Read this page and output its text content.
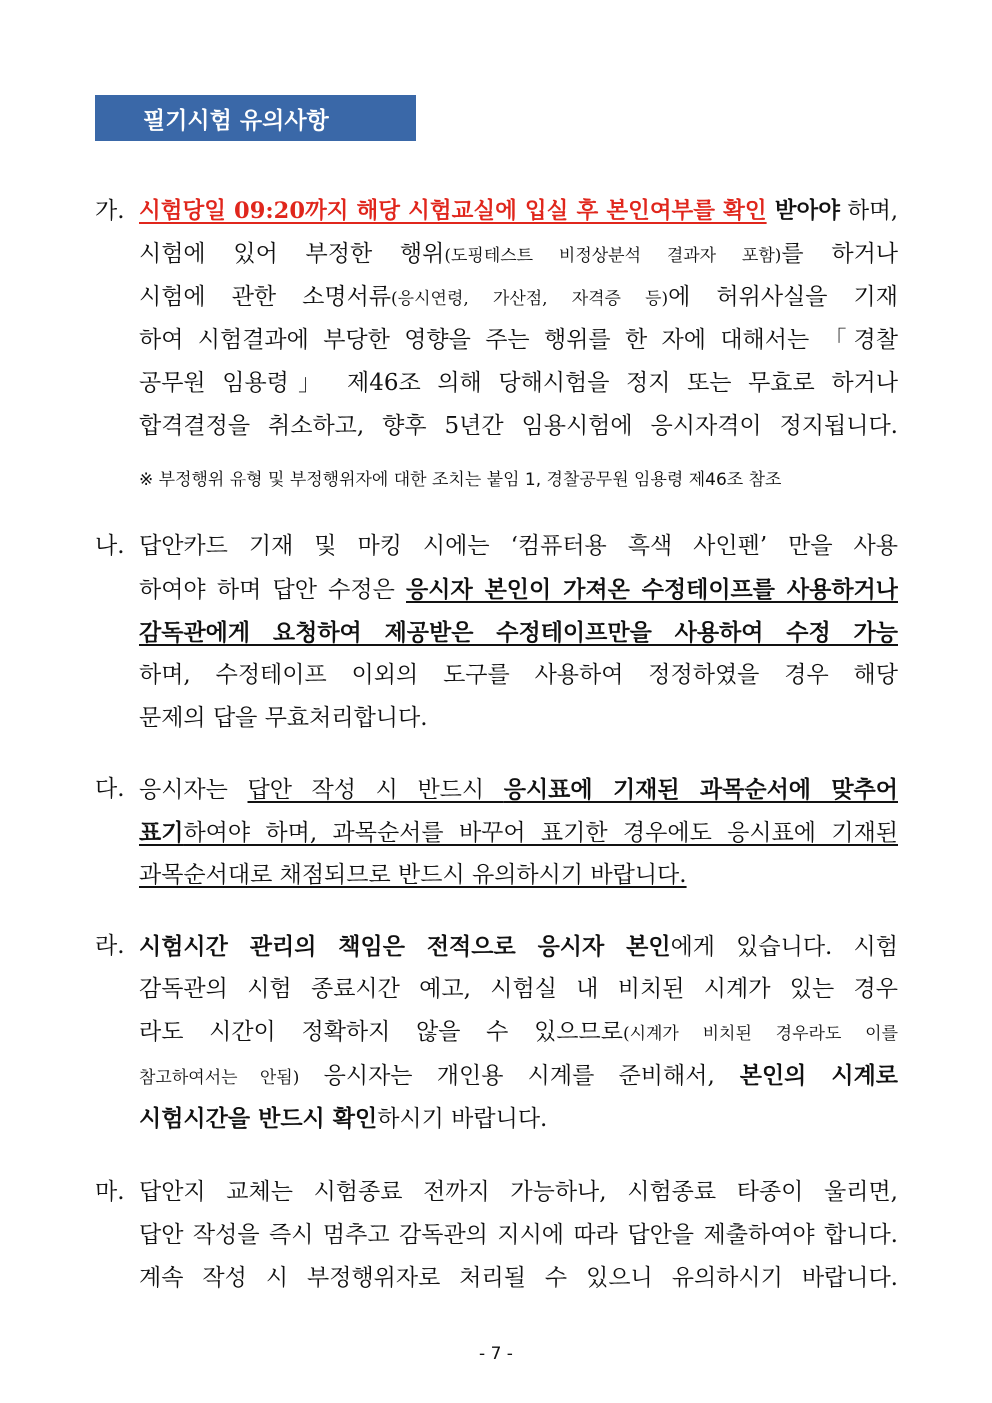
필기시험 유의사항
가. 시험당일 09:20까지 해당 시험교실에 입실 후 본인여부를 확인 받아야 하며,
시험에 있어 부정한 행위(도핑테스트 비정상분석 결과자 포함)를 하거나
시험에 관한 소명서류(응시연령, 가산점, 자격증 등)에 허위사실을 기재
하여 시험결과에 부당한 영향을 주는 행위를 한 자에 대해서는 「경찰
공무원 임용령」 제46조 의해 당해시험을 정지 또는 무효로 하거나
합격결정을 취소하고, 향후 5년간 임용시험에 응시자격이 정지됩니다.
※ 부정행위 유형 및 부정행위자에 대한 조치는 붙임 1, 경찰공무원 임용령 제46조 참조
나. 답안카드 기재 및 마킹 시에는 ‘컴퓨터용 흑색 사인펜’ 만을 사용
하여야 하며 답안 수정은 응시자 본인이 가져온 수정테이프를 사용하거나
감독관에게 요청하여 제공받은 수정테이프만을 사용하여 수정 가능
하며, 수정테이프 이외의 도구를 사용하여 정정하였을 경우 해당
문제의 답을 무효처리합니다.
다. 응시자는 답안 작성 시 반드시 응시표에 기재된 과목순서에 맞추어
표기하여야 하며, 과목순서를 바꾸어 표기한 경우에도 응시표에 기재된
과목순서대로 채점되므로 반드시 유의하시기 바랍니다.
라. 시험시간 관리의 책임은 전적으로 응시자 본인에게 있습니다. 시험
감독관의 시험 종료시간 예고, 시험실 내 비치된 시계가 있는 경우
라도 시간이 정확하지 않을 수 있으므로(시계가 비치된 경우라도 이를
참고하여서는 안됨) 응시자는 개인용 시계를 준비해서, 본인의 시계로
시험시간을 반드시 확인하시기 바랍니다.
마. 답안지 교체는 시험종료 전까지 가능하나, 시험종료 타종이 울리면,
답안 작성을 즉시 멈추고 감독관의 지시에 따라 답안을 제출하여야 합니다.
계속 작성 시 부정행위자로 처리될 수 있으니 유의하시기 바랍니다.
- 7 -
